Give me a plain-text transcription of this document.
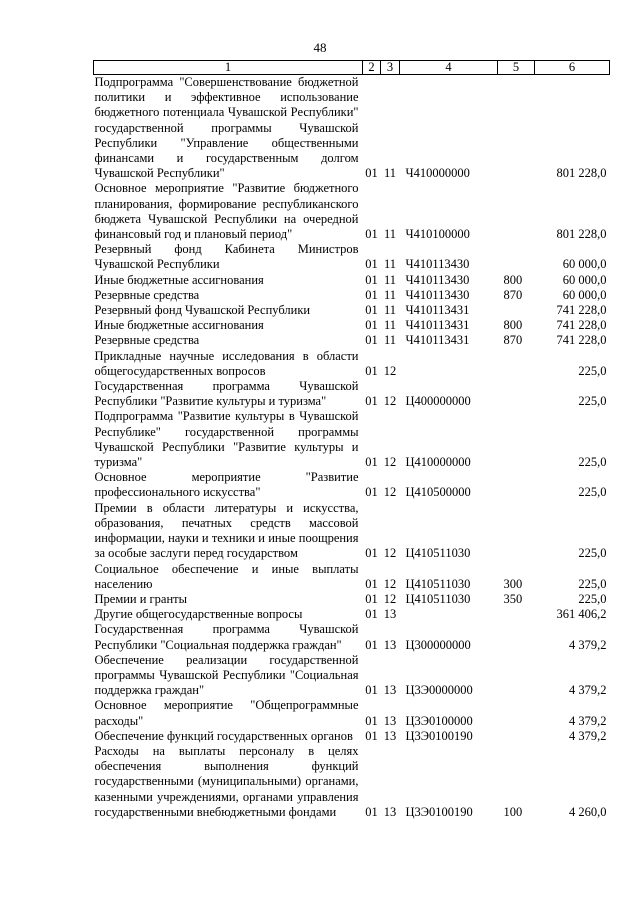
48
1	2	3	4	5	6
Подпрограмма "Совершенствование бюджетной политики и эффективное использование бюджетного потенциала Чувашской Республики" государственной программы Чувашской Республики "Управление общественными финансами и государственным долгом Чувашской Республики"	01	11	Ч410000000		801 228,0
Основное мероприятие "Развитие бюджетного планирования, формирование республиканского бюджета Чувашской Республики на очередной финансовый год и плановый период"	01	11	Ч410100000		801 228,0
Резервный фонд Кабинета Министров Чувашской Республики	01	11	Ч410113430		60 000,0
Иные бюджетные ассигнования	01	11	Ч410113430	800	60 000,0
Резервные средства	01	11	Ч410113430	870	60 000,0
Резервный фонд Чувашской Республики	01	11	Ч410113431		741 228,0
Иные бюджетные ассигнования	01	11	Ч410113431	800	741 228,0
Резервные средства	01	11	Ч410113431	870	741 228,0
Прикладные научные исследования в области общегосударственных вопросов	01	12			225,0
Государственная программа Чувашской Республики "Развитие культуры и туризма"	01	12	Ц400000000		225,0
Подпрограмма "Развитие культуры в Чувашской Республике" государственной программы Чувашской Республики "Развитие культуры и туризма"	01	12	Ц410000000		225,0
Основное мероприятие "Развитие профессионального искусства"	01	12	Ц410500000		225,0
Премии в области литературы и искусства, образования, печатных средств массовой информации, науки и техники и иные поощрения за особые заслуги перед государством	01	12	Ц410511030		225,0
Социальное обеспечение и иные выплаты населению	01	12	Ц410511030	300	225,0
Премии и гранты	01	12	Ц410511030	350	225,0
Другие общегосударственные вопросы	01	13			361 406,2
Государственная программа Чувашской Республики "Социальная поддержка граждан"	01	13	Ц300000000		4 379,2
Обеспечение реализации государственной программы Чувашской Республики "Социальная поддержка граждан"	01	13	Ц3Э0000000		4 379,2
Основное мероприятие "Общепрограммные расходы"	01	13	Ц3Э0100000		4 379,2
Обеспечение функций государственных органов	01	13	Ц3Э0100190		4 379,2
Расходы на выплаты персоналу в целях обеспечения выполнения функций государственными (муниципальными) органами, казенными учреждениями, органами управления государственными внебюджетными фондами	01	13	Ц3Э0100190	100	4 260,0
